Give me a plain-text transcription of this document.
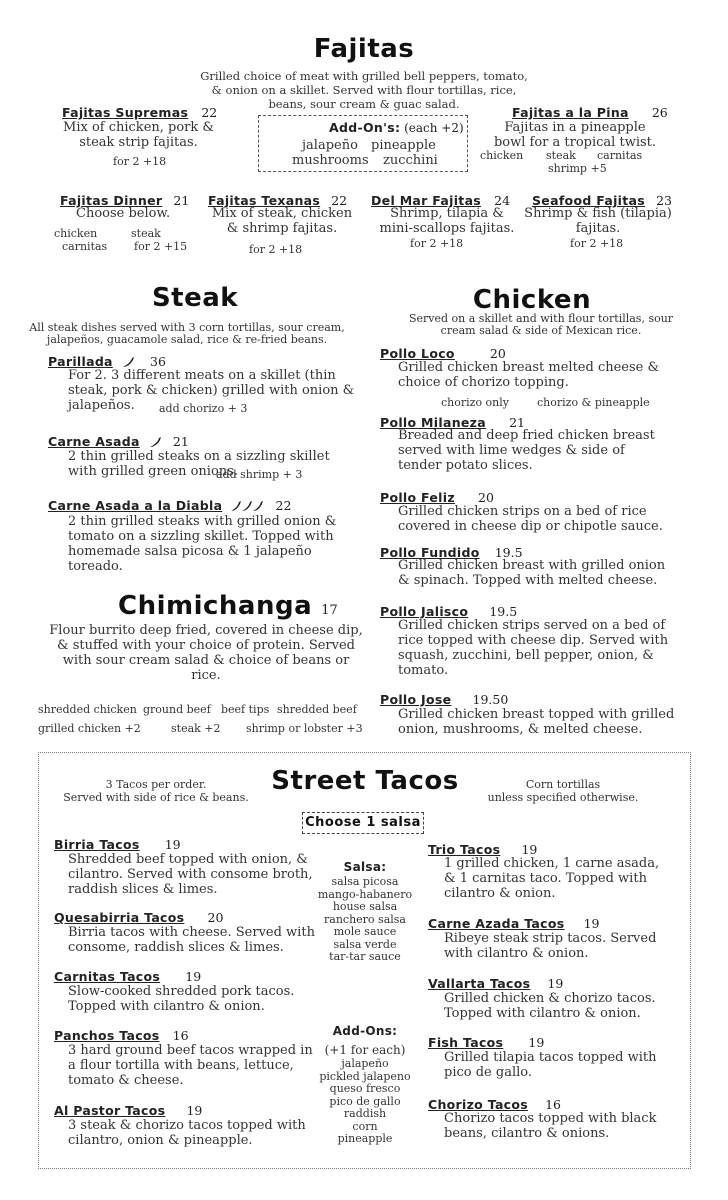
Fajitas
Grilled choice of meat with grilled bell peppers, tomato, & onion on a skillet. Served with flour tortillas, rice, beans, sour cream & guac salad.
Fajitas Supremas 22
Mix of chicken, pork & steak strip fajitas.
for 2 +18
Add-On's: (each +2)
jalapeño pineapple
mushrooms zucchini
Fajitas a la Pina 26
Fajitas in a pineapple bowl for a tropical twist.
chicken steak carnitas
shrimp +5
Fajitas Dinner 21
Choose below.
chicken	steak
carnitas for 2 +15
Fajitas Texanas 22
Mix of steak, chicken & shrimp fajitas.
for 2 +18
Del Mar Fajitas 24
Shrimp, tilapia & mini-scallops fajitas.
for 2 +18
Seafood Fajitas 23
Shrimp & fish (tilapia) fajitas.
for 2 +18
Steak
All steak dishes served with 3 corn tortillas, sour cream, jalapeños, guacamole salad, rice & re-fried beans.
Parillada	36
For 2. 3 different meats on a skillet (thin steak, pork & chicken) grilled with onion & jalapeños.	add chorizo + 3
Carne Asada	21
2 thin grilled steaks on a sizzling skillet with grilled green onions.
add shrimp + 3
Carne Asada a la Diabla	22
2 thin grilled steaks with grilled onion & tomato on a sizzling skillet. Topped with homemade salsa picosa & 1 jalapeño toreado.
Chimichanga 17
Flour burrito deep fried, covered in cheese dip, & stuffed with your choice of protein. Served with sour cream salad & choice of beans or rice.
shredded chicken ground beef beef tips shredded beef
grilled chicken +2	steak +2 shrimp or lobster +3
Chicken
Served on a skillet and with flour tortillas, sour cream salad & side of Mexican rice.
Pollo Loco	20
Grilled chicken breast melted cheese & choice of chorizo topping.
chorizo only	chorizo & pineapple
Pollo Milaneza 21
Breaded and deep fried chicken breast served with lime wedges & side of tender potato slices.
Pollo Feliz 20
Grilled chicken strips on a bed of rice covered in cheese dip or chipotle sauce.
Pollo Fundido 19.5
Grilled chicken breast with grilled onion & spinach. Topped with melted cheese.
Pollo Jalisco 19.5
Grilled chicken strips served on a bed of rice topped with cheese dip. Served with squash, zucchini, bell pepper, onion, & tomato.
Pollo Jose 19.50
Grilled chicken breast topped with grilled onion, mushrooms, & melted cheese.
Street Tacos
3 Tacos per order.
Served with side of rice & beans.
Corn tortillas
unless specified otherwise.
Choose 1 salsa
Salsa:
salsa picosa
mango-habanero
house salsa
ranchero salsa
mole sauce
salsa verde
tar-tar sauce
Add-Ons:
(+1 for each)
jalapeño
pickled jalapeno
queso fresco
pico de gallo
raddish
corn
pineapple
Birria Tacos 19
Shredded beef topped with onion, & cilantro. Served with consome broth, raddish slices & limes.
Quesabirria Tacos 20
Birria tacos with cheese. Served with consome, raddish slices & limes.
Carnitas Tacos 19
Slow-cooked shredded pork tacos. Topped with cilantro & onion.
Panchos Tacos 16
3 hard ground beef tacos wrapped in a flour tortilla with beans, lettuce, tomato & cheese.
Al Pastor Tacos 19
3 steak & chorizo tacos topped with cilantro, onion & pineapple.
Trio Tacos 19
1 grilled chicken, 1 carne asada, & 1 carnitas taco. Topped with cilantro & onion.
Carne Azada Tacos 19
Ribeye steak strip tacos. Served with cilantro & onion.
Vallarta Tacos 19
Grilled chicken & chorizo tacos. Topped with cilantro & onion.
Fish Tacos 19
Grilled tilapia tacos topped with pico de gallo.
Chorizo Tacos 16
Chorizo tacos topped with black beans, cilantro & onions.
